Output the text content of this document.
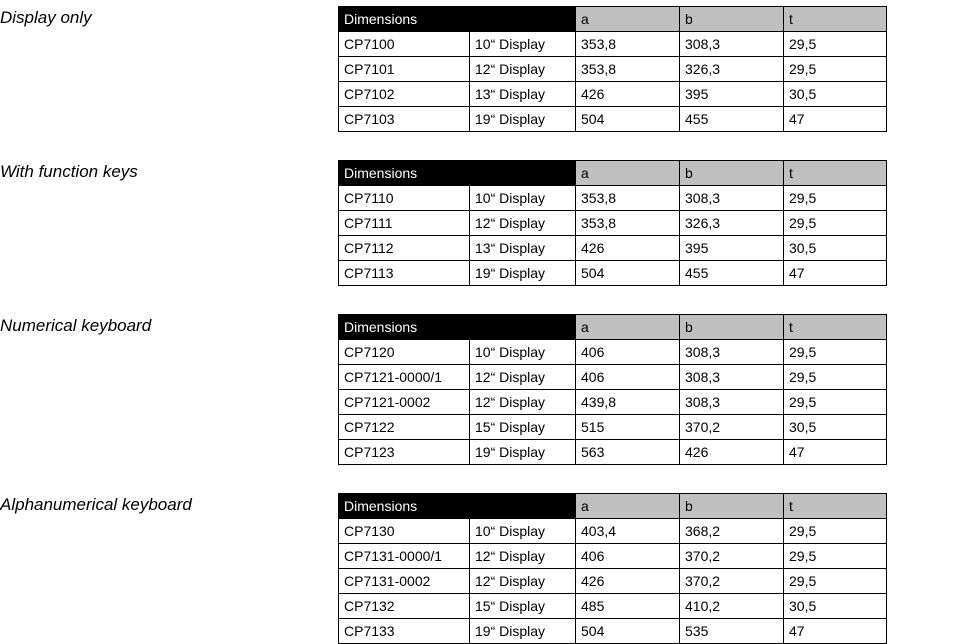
Display only	Dimensions		a	b	t
CP7100	10“ Display	353,8	308,3	29,5
CP7101	12“ Display	353,8	326,3	29,5
CP7102	13“ Display	426	395	30,5
CP7103	19“ Display	504	455	47
With function keys	Dimensions		a	b	t
CP7110	10“ Display	353,8	308,3	29,5
CP7111	12“ Display	353,8	326,3	29,5
CP7112	13“ Display	426	395	30,5
CP7113	19“ Display	504	455	47
Numerical keyboard	Dimensions		a	b	t
CP7120	10“ Display	406	308,3	29,5
CP7121-0000/1	12“ Display	406	308,3	29,5
CP7121-0002	12“ Display	439,8	308,3	29,5
CP7122	15“ Display	515	370,2	30,5
CP7123	19“ Display	563	426	47
Alphanumerical keyboard	Dimensions		a	b	t
CP7130	10“ Display	403,4	368,2	29,5
CP7131-0000/1	12“ Display	406	370,2	29,5
CP7131-0002	12“ Display	426	370,2	29,5
CP7132	15“ Display	485	410,2	30,5
CP7133	19“ Display	504	535	47
